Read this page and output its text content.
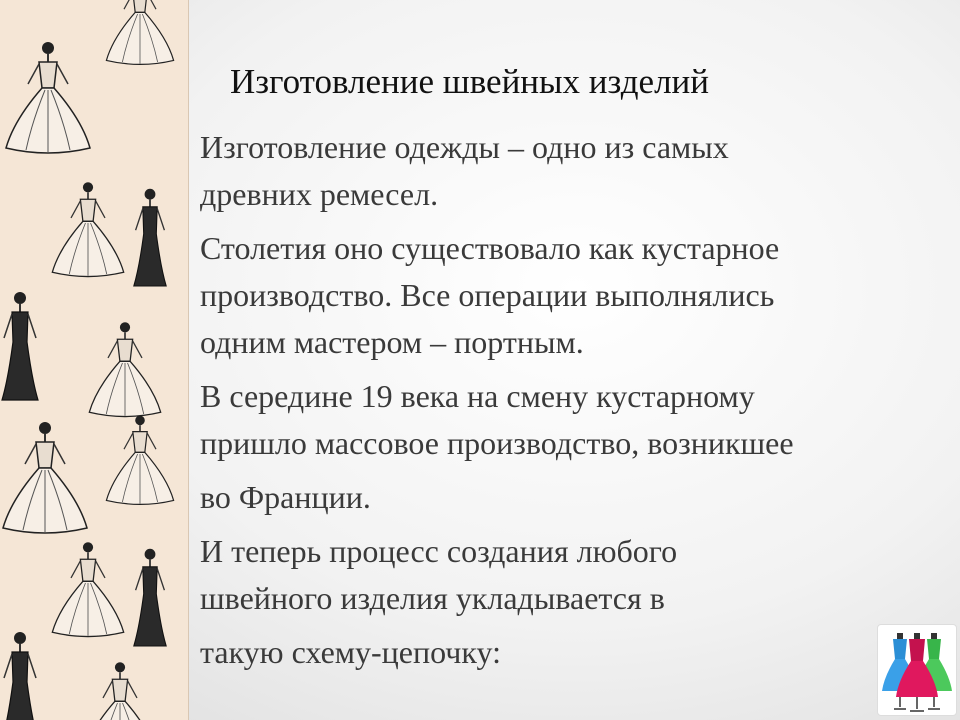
Изготовление швейных изделий

Изготовление одежды – одно из самых
древних ремесел.

Столетия оно существовало как кустарное
производство. Все операции выполнялись
одним мастером – портным.

В середине 19 века на смену кустарному
пришло массовое производство, возникшее

во Франции.

И теперь процесс создания любого
швейного изделия укладывается в

такую схему-цепочку:
